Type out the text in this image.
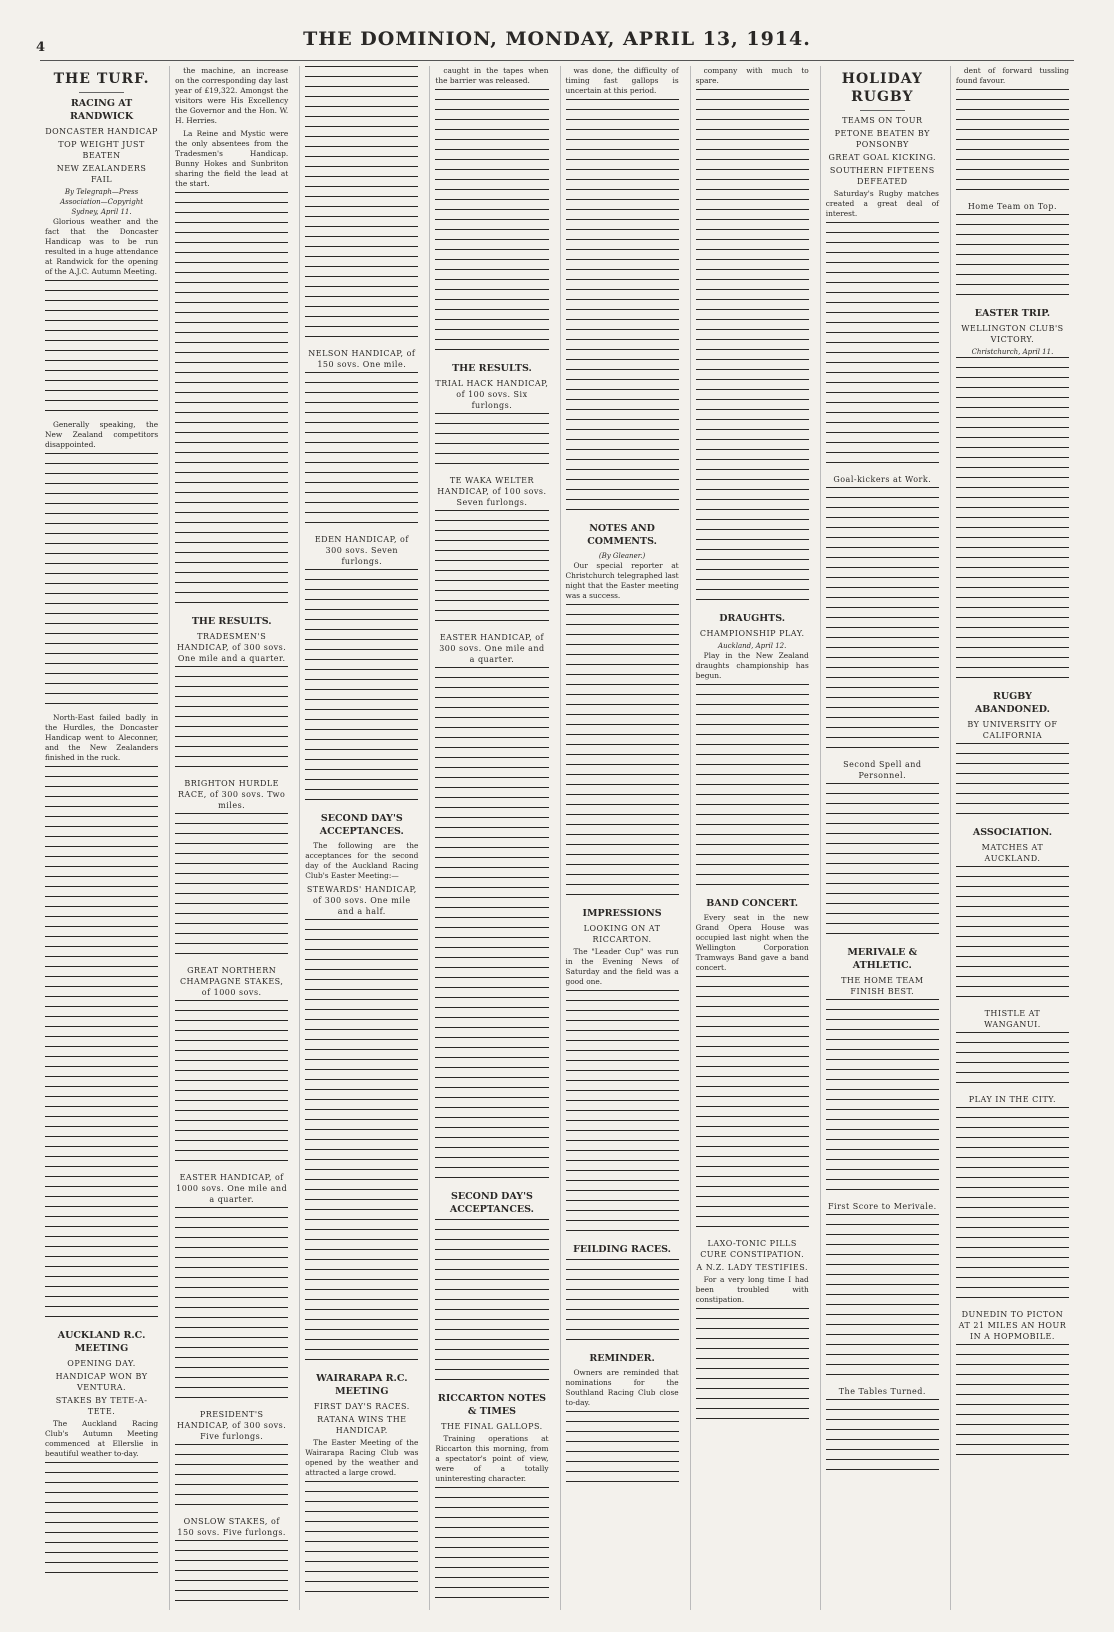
4	THE DOMINION, MONDAY, APRIL 13, 1914.
THE TURF.
RACING AT RANDWICK
DONCASTER HANDICAP
TOP WEIGHT JUST BEATEN
NEW ZEALANDERS FAIL
By Telegraph—Press Association—Copyright
Sydney, April 11.

Glorious weather and the fact that the Doncaster Handicap was to be run resulted in a huge attendance at Randwick for the opening of the A.J.C. Autumn Meeting.

Generally speaking, the New Zealand competitors disappointed.

North-East failed badly in the Hurdles, the Doncaster Handicap went to Aleconner, and the New Zealanders finished in the ruck.

AUCKLAND R.C. MEETING
OPENING DAY.
HANDICAP WON BY VENTURA.
STAKES BY TETE-A-TETE.

The Auckland Racing Club's Autumn Meeting commenced at Ellerslie in beautiful weather to-day.

the machine, an increase on the corresponding day last year of £19,322. Amongst the visitors were His Excellency the Governor and the Hon. W. H. Herries.

La Reine and Mystic were the only absentees from the Tradesmen's Handicap. Bunny Hokes and Sunbriton sharing the field the lead at the start.

THE RESULTS.
TRADESMEN'S HANDICAP, of 300 sovs. One mile and a quarter.
BRIGHTON HURDLE RACE, of 300 sovs. Two miles.
GREAT NORTHERN CHAMPAGNE STAKES, of 1000 sovs.
EASTER HANDICAP, of 1000 sovs. One mile and a quarter.
PRESIDENT'S HANDICAP, of 300 sovs. Five furlongs.
ONSLOW STAKES, of 150 sovs. Five furlongs.
NELSON HANDICAP, of 150 sovs. One mile.
EDEN HANDICAP, of 300 sovs. Seven furlongs.
SECOND DAY'S ACCEPTANCES.

The following are the acceptances for the second day of the Auckland Racing Club's Easter Meeting:—

STEWARDS' HANDICAP, of 300 sovs. One mile and a half.
WAIRARAPA R.C. MEETING
FIRST DAY'S RACES.
RATANA WINS THE HANDICAP.

The Easter Meeting of the Wairarapa Racing Club was opened by the weather and attracted a large crowd.

caught in the tapes when the barrier was released.

THE RESULTS.
TRIAL HACK HANDICAP, of 100 sovs. Six furlongs.
TE WAKA WELTER HANDICAP, of 100 sovs. Seven furlongs.
EASTER HANDICAP, of 300 sovs. One mile and a quarter.
SECOND DAY'S ACCEPTANCES.
RICCARTON NOTES & TIMES
THE FINAL GALLOPS.

Training operations at Riccarton this morning, from a spectator's point of view, were of a totally uninteresting character.

was done, the difficulty of timing fast gallops is uncertain at this period.

NOTES AND COMMENTS.
(By Gleaner.)

Our special reporter at Christchurch telegraphed last night that the Easter meeting was a success.

IMPRESSIONS
LOOKING ON AT RICCARTON.

The "Leader Cup" was run in the Evening News of Saturday and the field was a good one.

FEILDING RACES.
REMINDER.

Owners are reminded that nominations for the Southland Racing Club close to-day.

company with much to spare.

DRAUGHTS.
CHAMPIONSHIP PLAY.
Auckland, April 12.

Play in the New Zealand draughts championship has begun.

BAND CONCERT.

Every seat in the new Grand Opera House was occupied last night when the Wellington Corporation Tramways Band gave a band concert.

LAXO-TONIC PILLS CURE CONSTIPATION.
A N.Z. LADY TESTIFIES.

For a very long time I had been troubled with constipation.

HOLIDAY RUGBY
TEAMS ON TOUR
PETONE BEATEN BY PONSONBY
GREAT GOAL KICKING.
SOUTHERN FIFTEENS DEFEATED

Saturday's Rugby matches created a great deal of interest.

Goal-kickers at Work.
Second Spell and Personnel.
MERIVALE & ATHLETIC.
THE HOME TEAM FINISH BEST.
First Score to Merivale.
The Tables Turned.

dent of forward tussling found favour.

Home Team on Top.
EASTER TRIP.
WELLINGTON CLUB'S VICTORY.
Christchurch, April 11.
RUGBY ABANDONED.
BY UNIVERSITY OF CALIFORNIA
ASSOCIATION.
MATCHES AT AUCKLAND.
THISTLE AT WANGANUI.
PLAY IN THE CITY.
DUNEDIN TO PICTON AT 21 MILES AN HOUR IN A HOPMOBILE.
